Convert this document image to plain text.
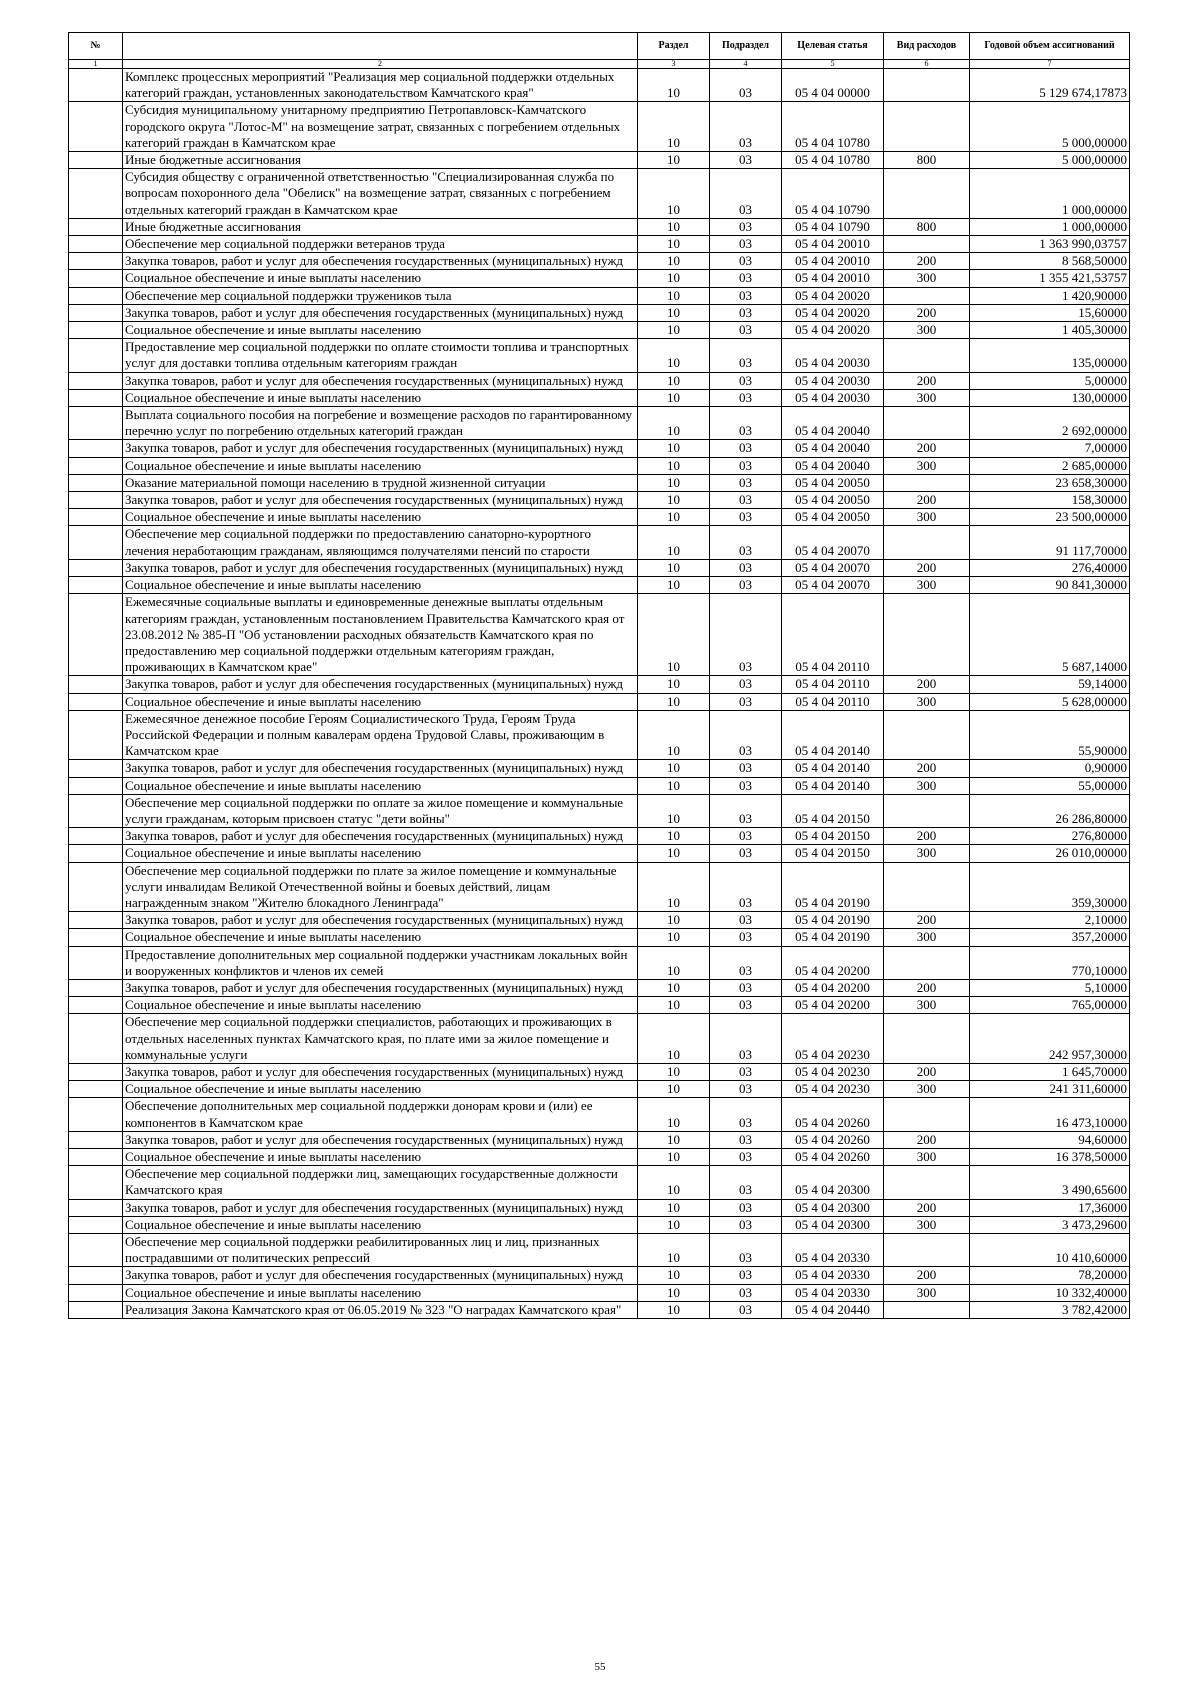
№		Раздел	Подраздел	Целевая статья	Вид расходов	Годовой объем ассигнований
1	2	3	4	5	6	7
	Комплекс процессных мероприятий "Реализация мер социальной поддержки отдельных категорий граждан, установленных законодательством Камчатского края"	10	03	05 4 04 00000		5 129 674,17873
	Субсидия муниципальному унитарному предприятию Петропавловск-Камчатского городского округа "Лотос-М" на возмещение затрат, связанных с погребением отдельных категорий граждан в Камчатском крае	10	03	05 4 04 10780		5 000,00000
	Иные бюджетные ассигнования	10	03	05 4 04 10780	800	5 000,00000
	Субсидия обществу с ограниченной ответственностью "Специализированная служба по вопросам похоронного дела "Обелиск" на возмещение затрат, связанных с погребением отдельных категорий граждан в Камчатском крае	10	03	05 4 04 10790		1 000,00000
	Иные бюджетные ассигнования	10	03	05 4 04 10790	800	1 000,00000
	Обеспечение мер социальной поддержки ветеранов труда	10	03	05 4 04 20010		1 363 990,03757
	Закупка товаров, работ и услуг для обеспечения государственных (муниципальных) нужд	10	03	05 4 04 20010	200	8 568,50000
	Социальное обеспечение и иные выплаты населению	10	03	05 4 04 20010	300	1 355 421,53757
	Обеспечение мер социальной поддержки тружеников тыла	10	03	05 4 04 20020		1 420,90000
	Закупка товаров, работ и услуг для обеспечения государственных (муниципальных) нужд	10	03	05 4 04 20020	200	15,60000
	Социальное обеспечение и иные выплаты населению	10	03	05 4 04 20020	300	1 405,30000
	Предоставление мер социальной поддержки по оплате стоимости топлива и транспортных услуг для доставки топлива отдельным категориям граждан	10	03	05 4 04 20030		135,00000
	Закупка товаров, работ и услуг для обеспечения государственных (муниципальных) нужд	10	03	05 4 04 20030	200	5,00000
	Социальное обеспечение и иные выплаты населению	10	03	05 4 04 20030	300	130,00000
	Выплата социального пособия на погребение и возмещение расходов по гарантированному перечню услуг по погребению отдельных категорий граждан	10	03	05 4 04 20040		2 692,00000
	Закупка товаров, работ и услуг для обеспечения государственных (муниципальных) нужд	10	03	05 4 04 20040	200	7,00000
	Социальное обеспечение и иные выплаты населению	10	03	05 4 04 20040	300	2 685,00000
	Оказание материальной помощи населению в трудной жизненной ситуации	10	03	05 4 04 20050		23 658,30000
	Закупка товаров, работ и услуг для обеспечения государственных (муниципальных) нужд	10	03	05 4 04 20050	200	158,30000
	Социальное обеспечение и иные выплаты населению	10	03	05 4 04 20050	300	23 500,00000
	Обеспечение мер социальной поддержки по предоставлению санаторно-курортного лечения неработающим гражданам, являющимся получателями пенсий по старости	10	03	05 4 04 20070		91 117,70000
	Закупка товаров, работ и услуг для обеспечения государственных (муниципальных) нужд	10	03	05 4 04 20070	200	276,40000
	Социальное обеспечение и иные выплаты населению	10	03	05 4 04 20070	300	90 841,30000
	Ежемесячные социальные выплаты и единовременные денежные выплаты отдельным категориям граждан, установленным постановлением Правительства Камчатского края от 23.08.2012 № 385-П "Об установлении расходных обязательств Камчатского края по предоставлению мер социальной поддержки отдельным категориям граждан, проживающих в Камчатском крае"	10	03	05 4 04 20110		5 687,14000
	Закупка товаров, работ и услуг для обеспечения государственных (муниципальных) нужд	10	03	05 4 04 20110	200	59,14000
	Социальное обеспечение и иные выплаты населению	10	03	05 4 04 20110	300	5 628,00000
	Ежемесячное денежное пособие Героям Социалистического Труда, Героям Труда Российской Федерации и полным кавалерам ордена Трудовой Славы, проживающим в Камчатском крае	10	03	05 4 04 20140		55,90000
	Закупка товаров, работ и услуг для обеспечения государственных (муниципальных) нужд	10	03	05 4 04 20140	200	0,90000
	Социальное обеспечение и иные выплаты населению	10	03	05 4 04 20140	300	55,00000
	Обеспечение мер социальной поддержки по оплате за жилое помещение и коммунальные услуги гражданам, которым присвоен статус "дети войны"	10	03	05 4 04 20150		26 286,80000
	Закупка товаров, работ и услуг для обеспечения государственных (муниципальных) нужд	10	03	05 4 04 20150	200	276,80000
	Социальное обеспечение и иные выплаты населению	10	03	05 4 04 20150	300	26 010,00000
	Обеспечение мер социальной поддержки по плате за жилое помещение и коммунальные услуги инвалидам Великой Отечественной войны и боевых действий, лицам награжденным знаком "Жителю блокадного Ленинграда"	10	03	05 4 04 20190		359,30000
	Закупка товаров, работ и услуг для обеспечения государственных (муниципальных) нужд	10	03	05 4 04 20190	200	2,10000
	Социальное обеспечение и иные выплаты населению	10	03	05 4 04 20190	300	357,20000
	Предоставление дополнительных мер социальной поддержки участникам локальных войн и вооруженных конфликтов и членов их семей	10	03	05 4 04 20200		770,10000
	Закупка товаров, работ и услуг для обеспечения государственных (муниципальных) нужд	10	03	05 4 04 20200	200	5,10000
	Социальное обеспечение и иные выплаты населению	10	03	05 4 04 20200	300	765,00000
	Обеспечение мер социальной поддержки специалистов, работающих и проживающих в отдельных населенных пунктах Камчатского края, по плате ими за жилое помещение и коммунальные услуги	10	03	05 4 04 20230		242 957,30000
	Закупка товаров, работ и услуг для обеспечения государственных (муниципальных) нужд	10	03	05 4 04 20230	200	1 645,70000
	Социальное обеспечение и иные выплаты населению	10	03	05 4 04 20230	300	241 311,60000
	Обеспечение дополнительных мер социальной поддержки донорам крови и (или) ее компонентов в Камчатском крае	10	03	05 4 04 20260		16 473,10000
	Закупка товаров, работ и услуг для обеспечения государственных (муниципальных) нужд	10	03	05 4 04 20260	200	94,60000
	Социальное обеспечение и иные выплаты населению	10	03	05 4 04 20260	300	16 378,50000
	Обеспечение мер социальной поддержки лиц, замещающих государственные должности Камчатского края	10	03	05 4 04 20300		3 490,65600
	Закупка товаров, работ и услуг для обеспечения государственных (муниципальных) нужд	10	03	05 4 04 20300	200	17,36000
	Социальное обеспечение и иные выплаты населению	10	03	05 4 04 20300	300	3 473,29600
	Обеспечение мер социальной поддержки реабилитированных лиц и лиц, признанных пострадавшими от политических репрессий	10	03	05 4 04 20330		10 410,60000
	Закупка товаров, работ и услуг для обеспечения государственных (муниципальных) нужд	10	03	05 4 04 20330	200	78,20000
	Социальное обеспечение и иные выплаты населению	10	03	05 4 04 20330	300	10 332,40000
	Реализация Закона Камчатского края от 06.05.2019 № 323 "О наградах Камчатского края"	10	03	05 4 04 20440		3 782,42000
55
